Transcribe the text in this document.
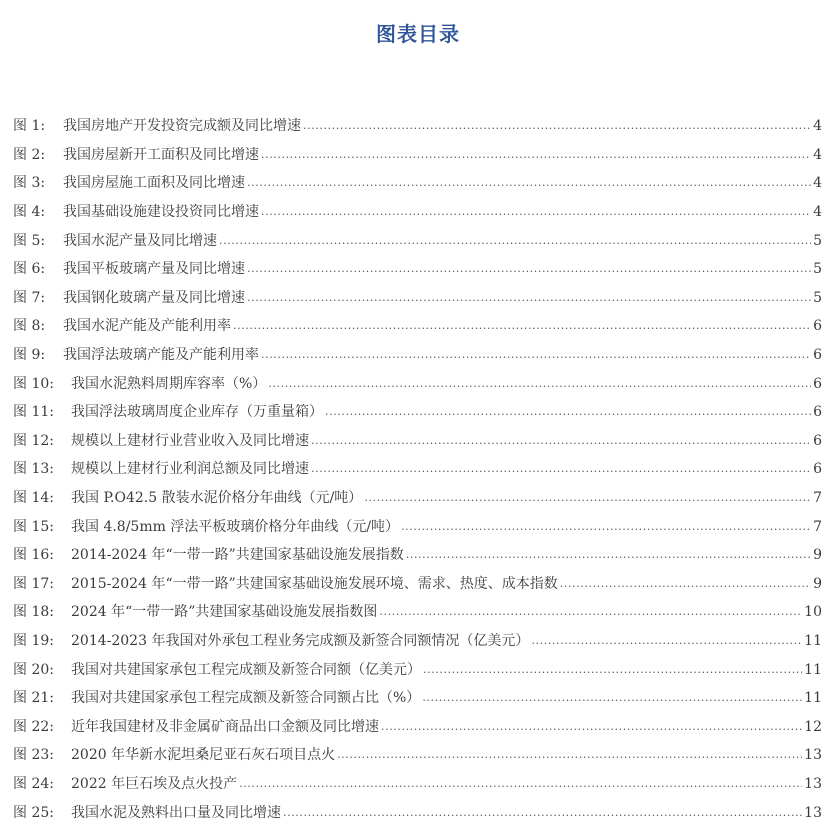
图表目录
图 1:	我国房地产开发投资完成额及同比增速 .....	4
图 2:	我国房屋新开工面积及同比增速 .....	4
图 3:	我国房屋施工面积及同比增速 .....	4
图 4:	我国基础设施建设投资同比增速 .....	4
图 5:	我国水泥产量及同比增速 .....	5
图 6:	我国平板玻璃产量及同比增速 .....	5
图 7:	我国钢化玻璃产量及同比增速 .....	5
图 8:	我国水泥产能及产能利用率 .....	6
图 9:	我国浮法玻璃产能及产能利用率 .....	6
图 10:	我国水泥熟料周期库容率（%） .....	6
图 11:	我国浮法玻璃周度企业库存（万重量箱） .....	6
图 12:	规模以上建材行业营业收入及同比增速 .....	6
图 13:	规模以上建材行业利润总额及同比增速 .....	6
图 14:	我国 P.O42.5 散装水泥价格分年曲线（元/吨） .....	7
图 15:	我国 4.8/5mm 浮法平板玻璃价格分年曲线（元/吨） .....	7
图 16:	2014-2024 年“一带一路”共建国家基础设施发展指数 .....	9
图 17:	2015-2024 年“一带一路”共建国家基础设施发展环境、需求、热度、成本指数 .....	9
图 18:	2024 年“一带一路”共建国家基础设施发展指数图 .....	10
图 19:	2014-2023 年我国对外承包工程业务完成额及新签合同额情况（亿美元） .....	11
图 20:	我国对共建国家承包工程完成额及新签合同额（亿美元） .....	11
图 21:	我国对共建国家承包工程完成额及新签合同额占比（%） .....	11
图 22:	近年我国建材及非金属矿商品出口金额及同比增速 .....	12
图 23:	2020 年华新水泥坦桑尼亚石灰石项目点火 .....	13
图 24:	2022 年巨石埃及点火投产 .....	13
图 25:	我国水泥及熟料出口量及同比增速 .....	13
